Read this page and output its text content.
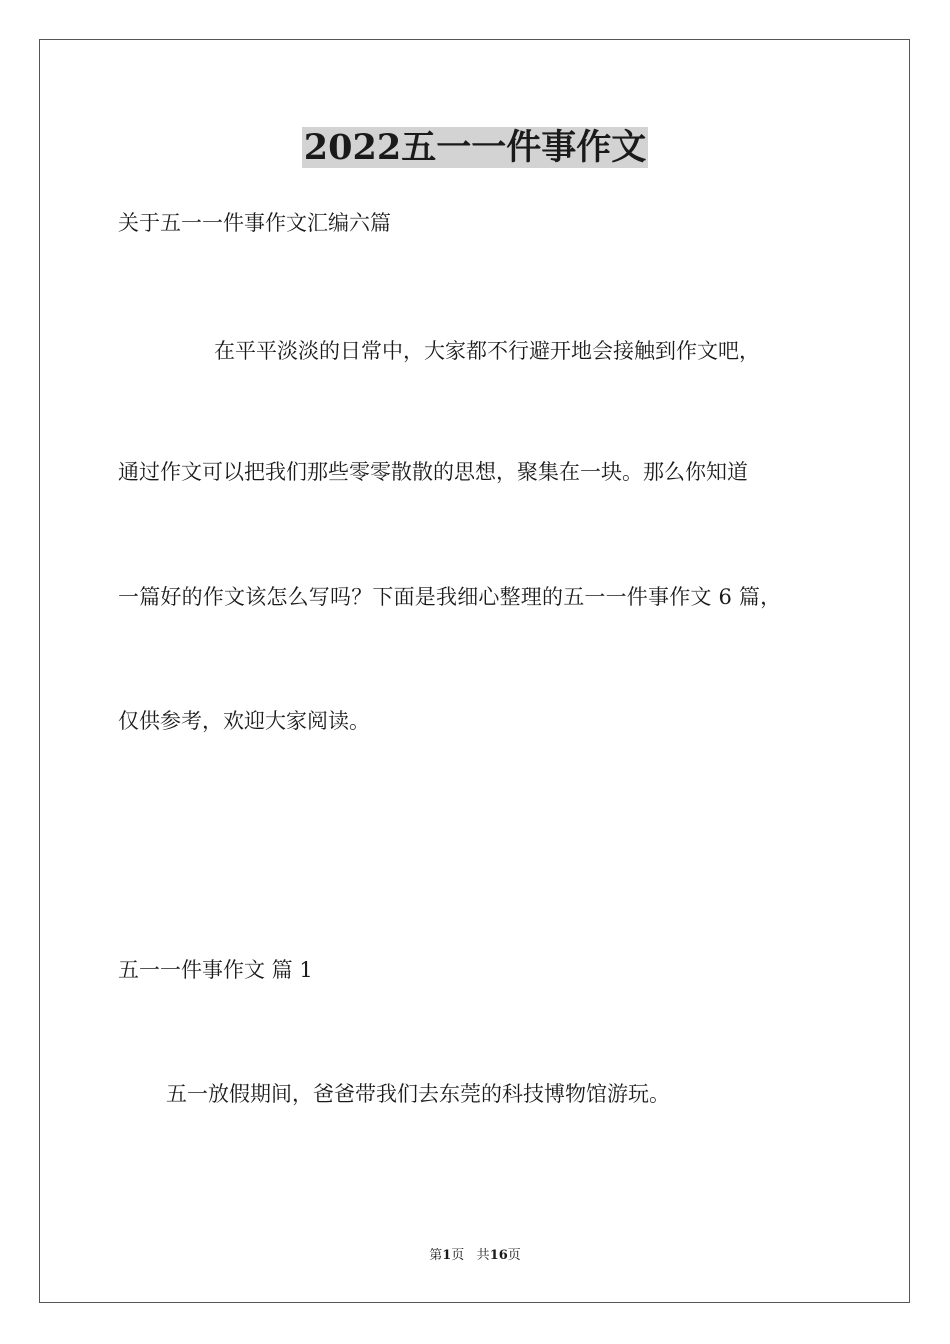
2022五一一件事作文
关于五一一件事作文汇编六篇
在平平淡淡的日常中，大家都不行避开地会接触到作文吧，
通过作文可以把我们那些零零散散的思想，聚集在一块。那么你知道
一篇好的作文该怎么写吗？下面是我细心整理的五一一件事作文 6 篇，
仅供参考，欢迎大家阅读。
五一一件事作文 篇 1
五一放假期间，爸爸带我们去东莞的科技博物馆游玩。
第1页 共16页
